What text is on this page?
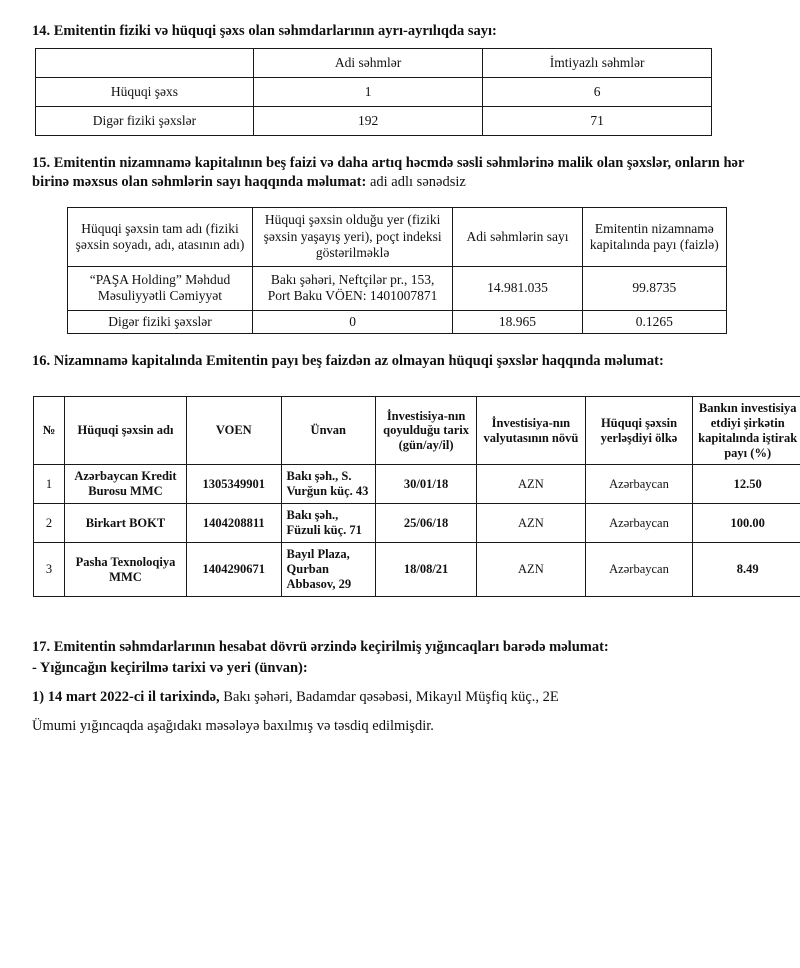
14. Emitentin fiziki və hüquqi şəxs olan səhmdarlarının ayrı-ayrılıqda sayı:

	Adi səhmlər	İmtiyazlı səhmlər
Hüquqi şəxs	1	6
Digər fiziki şəxslər	192	71

15. Emitentin nizamnamə kapitalının beş faizi və daha artıq həcmdə səsli səhmlərinə malik olan şəxslər, onların hər birinə məxsus olan səhmlərin sayı haqqında məlumat: adi adlı sənədsiz

Hüquqi şəxsin tam adı (fiziki şəxsin soyadı, adı, atasının adı)	Hüquqi şəxsin olduğu yer (fiziki şəxsin yaşayış yeri), poçt indeksi göstərilməklə	Adi səhmlərin sayı	Emitentin nizamnamə kapitalında payı (faizlə)
“PAŞA Holding” Məhdud Məsuliyyətli Cəmiyyət	Bakı şəhəri, Neftçilər pr., 153, Port Baku VÖEN: 1401007871	14.981.035	99.8735
Digər fiziki şəxslər	0	18.965	0.1265

16. Nizamnamə kapitalında Emitentin payı beş faizdən az olmayan hüquqi şəxslər haqqında məlumat:

№	Hüquqi şəxsin adı	VOEN	Ünvan	İnvestisiya-nın qoyulduğu tarix (gün/ay/il)	İnvestisiya-nın valyutasının növü	Hüquqi şəxsin yerləşdiyi ölkə	Bankın investisiya etdiyi şirkətin kapitalında iştirak payı (%)
1	Azərbaycan Kredit Burosu MMC	1305349901	Bakı şəh., S. Vurğun küç. 43	30/01/18	AZN	Azərbaycan	12.50
2	Birkart BOKT	1404208811	Bakı şəh., Füzuli küç. 71	25/06/18	AZN	Azərbaycan	100.00
3	Pasha Texnoloqiya MMC	1404290671	Bayıl Plaza, Qurban Abbasov, 29	18/08/21	AZN	Azərbaycan	8.49

17. Emitentin səhmdarlarının hesabat dövrü ərzində keçirilmiş yığıncaqları barədə məlumat:

- Yığıncağın keçirilmə tarixi və yeri (ünvan):

1) 14 mart 2022-ci il tarixində, Bakı şəhəri, Badamdar qəsəbəsi, Mikayıl Müşfiq küç., 2E

Ümumi yığıncaqda aşağıdakı məsələyə baxılmış və təsdiq edilmişdir.
